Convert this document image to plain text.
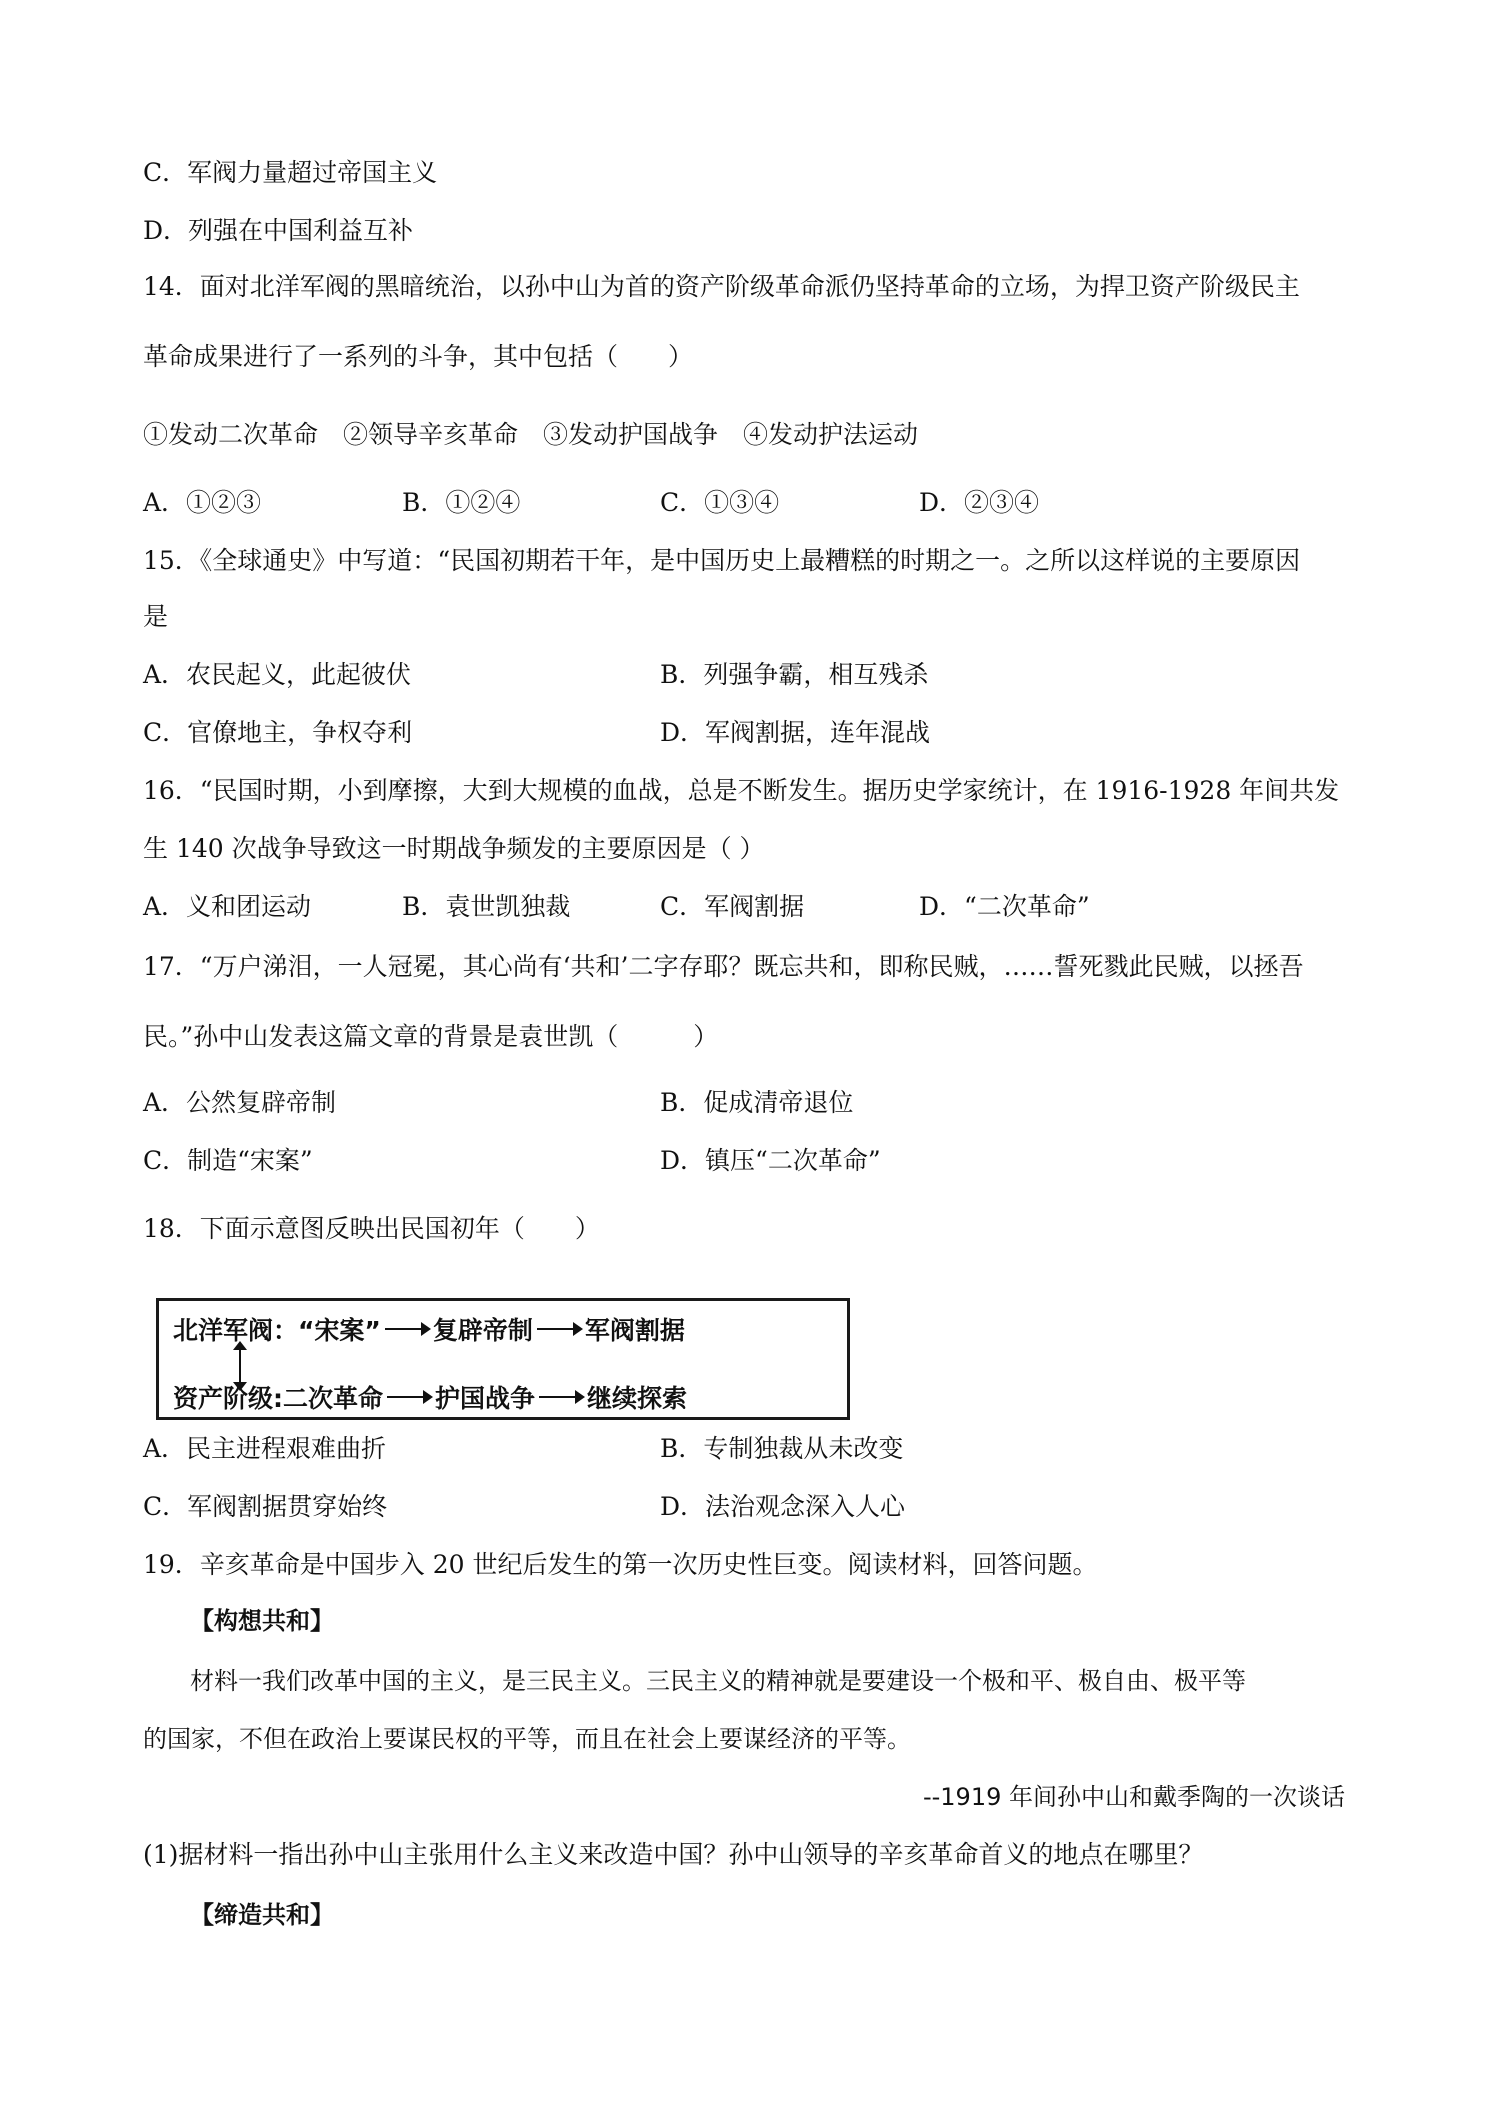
C．军阀力量超过帝国主义
D．列强在中国利益互补
14．面对北洋军阀的黑暗统治，以孙中山为首的资产阶级革命派仍坚持革命的立场，为捍卫资产阶级民主
革命成果进行了一系列的斗争，其中包括（　　）
①发动二次革命　②领导辛亥革命　③发动护国战争　④发动护法运动
A．①②③	B．①②④	C．①③④	D．②③④
15．《全球通史》中写道：“民国初期若干年，是中国历史上最糟糕的时期之一。之所以这样说的主要原因
是
A．农民起义，此起彼伏	B．列强争霸，相互残杀
C．官僚地主，争权夺利	D．军阀割据，连年混战
16．“民国时期，小到摩擦，大到大规模的血战，总是不断发生。据历史学家统计，在 1916-1928 年间共发
生 140 次战争导致这一时期战争频发的主要原因是（ ）
A．义和团运动	B．袁世凯独裁	C．军阀割据	D．“二次革命”
17．“万户涕泪，一人冠冕，其心尚有‘共和’二字存耶？既忘共和，即称民贼，……誓死戮此民贼，以拯吾
民。”孙中山发表这篇文章的背景是袁世凯（　　　）
A．公然复辟帝制	B．促成清帝退位
C．制造“宋案”	D．镇压“二次革命”
18．下面示意图反映出民国初年（　　）
北洋军阀：“宋案” 复辟帝制 军阀割据
资产阶级:二次革命 护国战争 继续探索
A．民主进程艰难曲折	B．专制独裁从未改变
C．军阀割据贯穿始终	D．法治观念深入人心
19．辛亥革命是中国步入 20 世纪后发生的第一次历史性巨变。阅读材料，回答问题。
【构想共和】
材料一我们改革中国的主义，是三民主义。三民主义的精神就是要建设一个极和平、极自由、极平等
的国家，不但在政治上要谋民权的平等，而且在社会上要谋经济的平等。
--1919 年间孙中山和戴季陶的一次谈话
(1)据材料一指出孙中山主张用什么主义来改造中国？孙中山领导的辛亥革命首义的地点在哪里？
【缔造共和】
